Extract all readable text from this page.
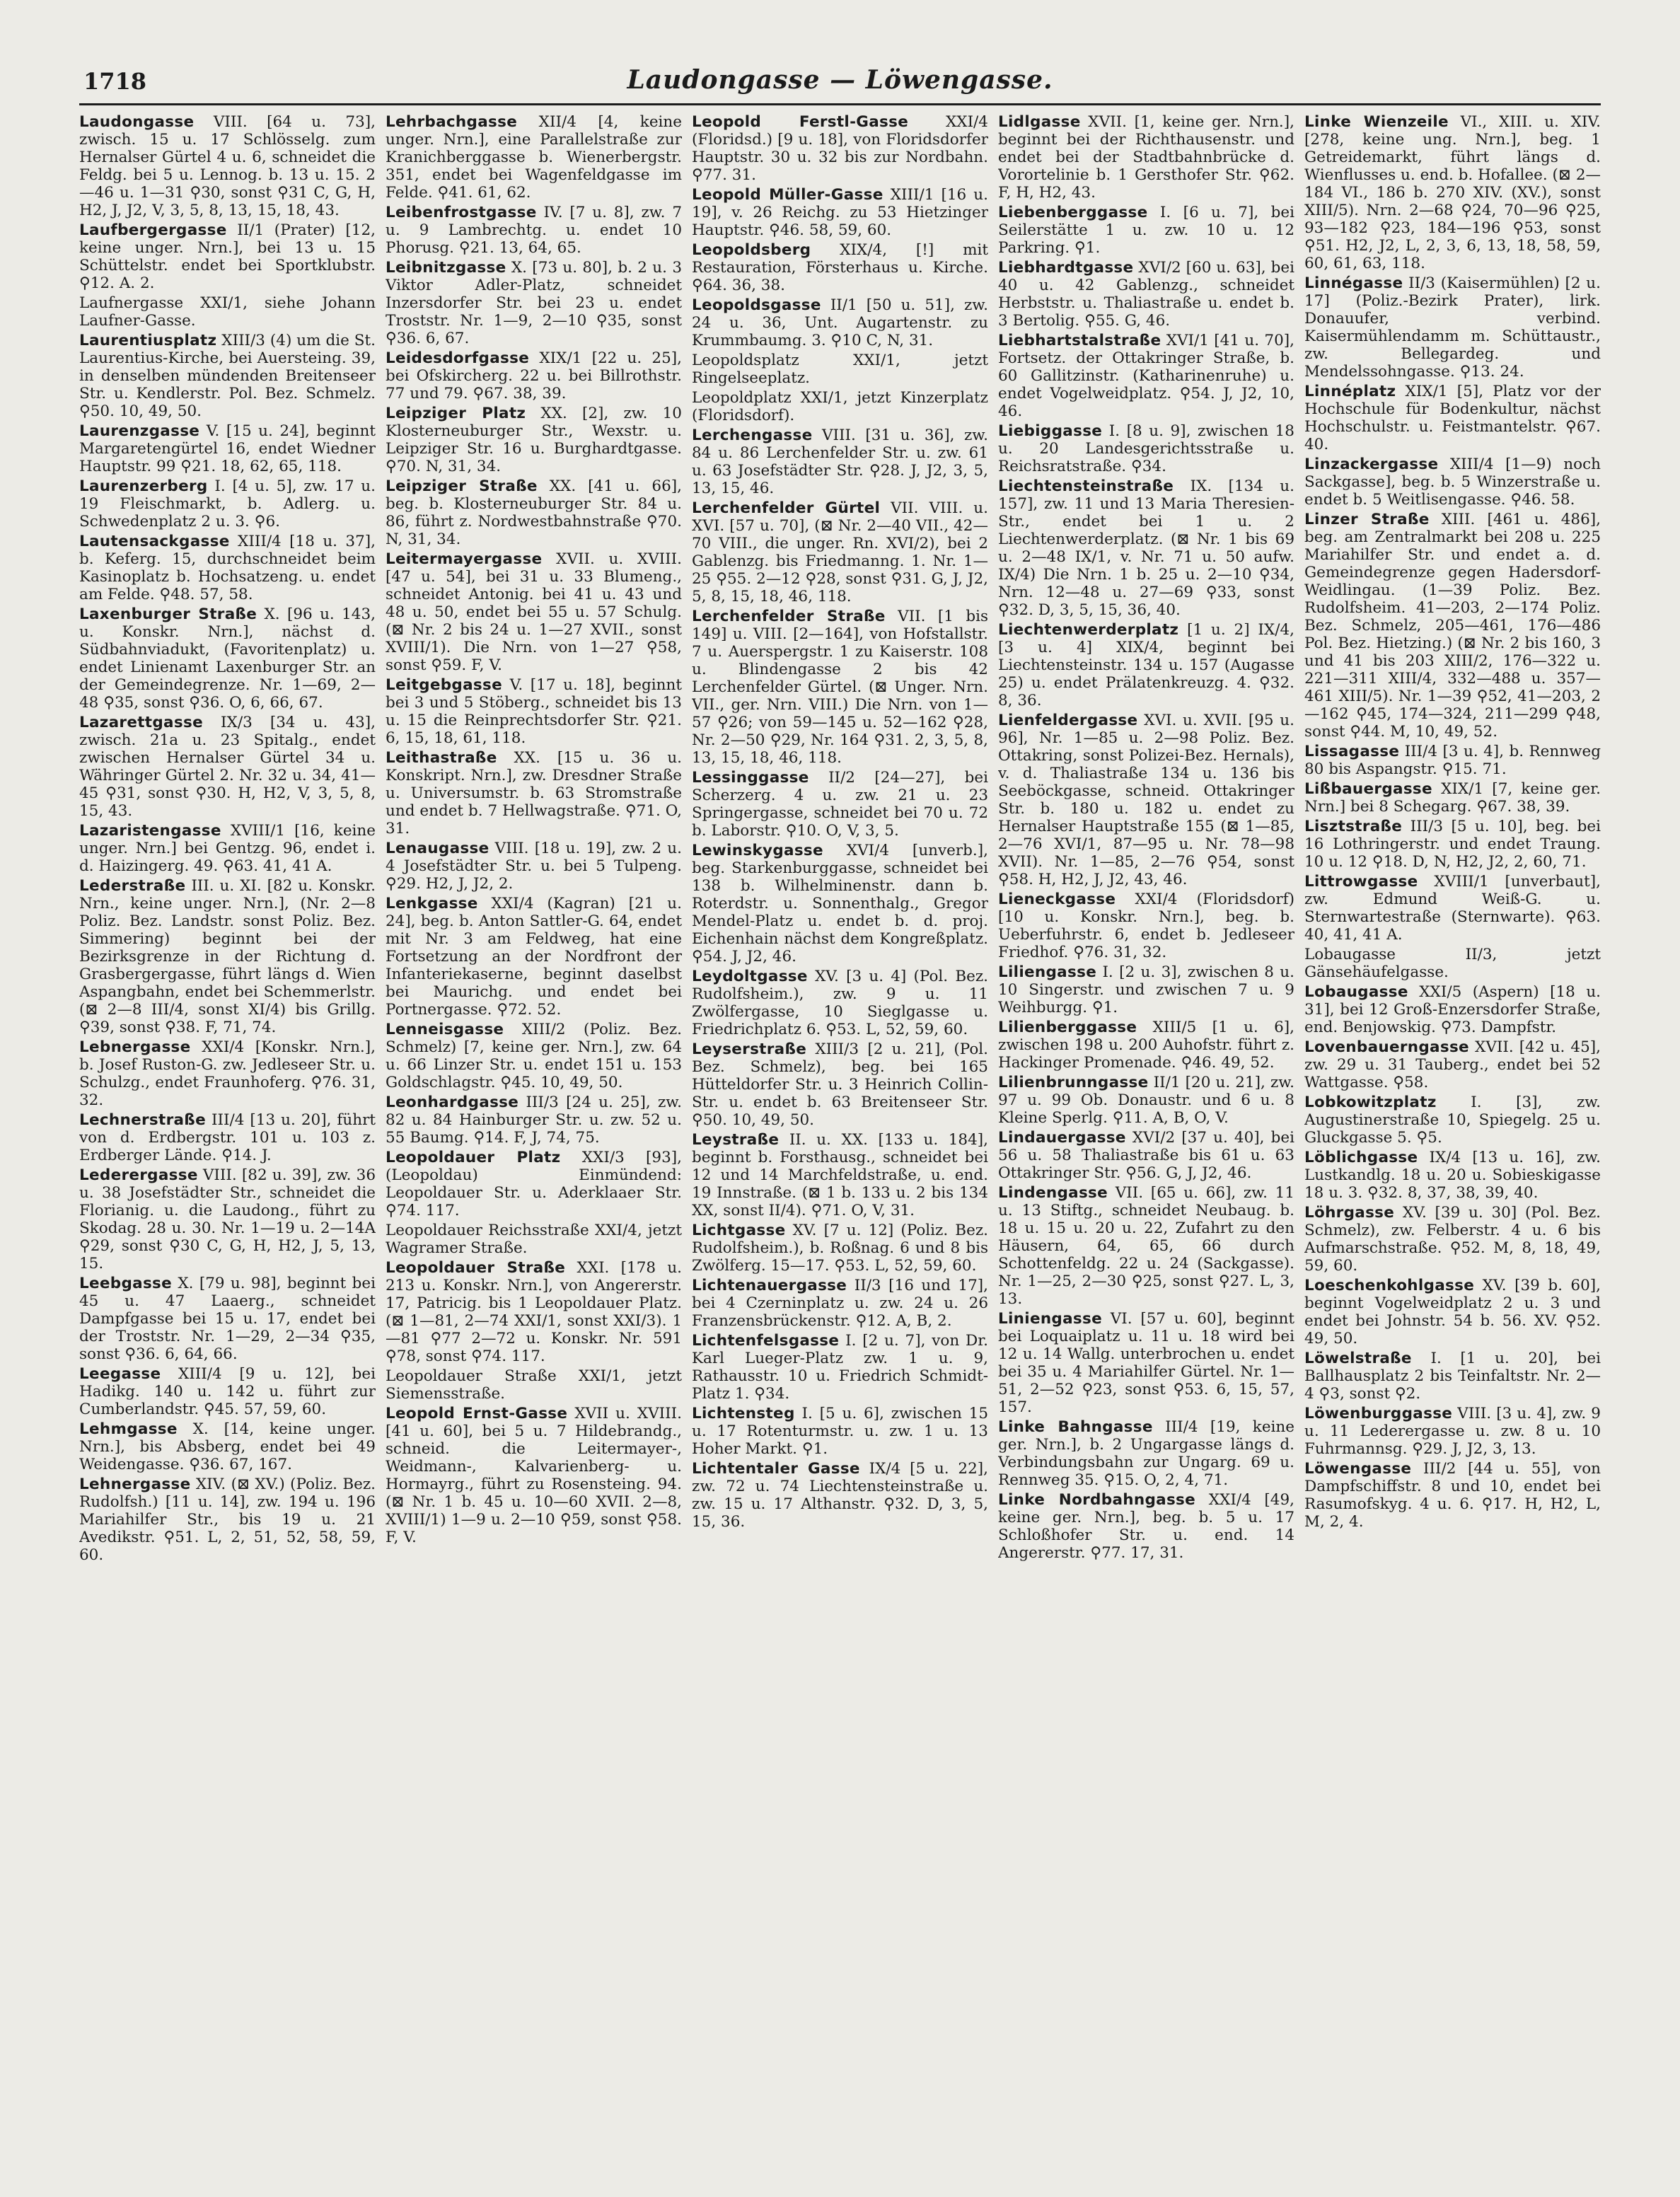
1718	Laudongasse — Löwengasse.
Laudongasse VIII. [64 u. 73], zwisch. 15 u. 17 Schlösselg. zum Hernalser Gürtel 4 u. 6, schneidet die Feldg. bei 5 u. Lennog. b. 13 u. 15. 2—46 u. 1—31 ⚲30, sonst ⚲31 C, G, H, H2, J, J2, V, 3, 5, 8, 13, 15, 18, 43.
Laufbergergasse II/1 (Prater) [12, keine unger. Nrn.], bei 13 u. 15 Schüttelstr. endet bei Sportklubstr. ⚲12. A. 2.
Laufnergasse XXI/1, siehe Johann Laufner-Gasse.
Laurentiusplatz XIII/3 (4) um die St. Laurentius-Kirche, bei Auersteing. 39, in denselben mündenden Breitenseer Str. u. Kendlerstr. Pol. Bez. Schmelz. ⚲50. 10, 49, 50.
Laurenzgasse V. [15 u. 24], beginnt Margaretengürtel 16, endet Wiedner Hauptstr. 99 ⚲21. 18, 62, 65, 118.
Laurenzerberg I. [4 u. 5], zw. 17 u. 19 Fleischmarkt, b. Adlerg. u. Schwedenplatz 2 u. 3. ⚲6.
Lautensackgasse XIII/4 [18 u. 37], b. Keferg. 15, durchschneidet beim Kasinoplatz b. Hochsatzeng. u. endet am Felde. ⚲48. 57, 58.
Laxenburger Straße X. [96 u. 143, u. Konskr. Nrn.], nächst d. Südbahnviadukt, (Favoritenplatz) u. endet Linienamt Laxenburger Str. an der Gemeindegrenze. Nr. 1—69, 2—48 ⚲35, sonst ⚲36. O, 6, 66, 67.
Lazarettgasse IX/3 [34 u. 43], zwisch. 21a u. 23 Spitalg., endet zwischen Hernalser Gürtel 34 u. Währinger Gürtel 2. Nr. 32 u. 34, 41—45 ⚲31, sonst ⚲30. H, H2, V, 3, 5, 8, 15, 43.
Lazaristengasse XVIII/1 [16, keine unger. Nrn.] bei Gentzg. 96, endet i. d. Haizingerg. 49. ⚲63. 41, 41 A.
Lederstraße III. u. XI. [82 u. Konskr. Nrn., keine unger. Nrn.], (Nr. 2—8 Poliz. Bez. Landstr. sonst Poliz. Bez. Simmering) beginnt bei der Bezirksgrenze in der Richtung d. Grasbergergasse, führt längs d. Wien Aspangbahn, endet bei Schemmerlstr. (⊠ 2—8 III/4, sonst XI/4) bis Grillg. ⚲39, sonst ⚲38. F, 71, 74.
Lebnergasse XXI/4 [Konskr. Nrn.], b. Josef Ruston-G. zw. Jedleseer Str. u. Schulzg., endet Fraunhoferg. ⚲76. 31, 32.
Lechnerstraße III/4 [13 u. 20], führt von d. Erdbergstr. 101 u. 103 z. Erdberger Lände. ⚲14. J.
Lederergasse VIII. [82 u. 39], zw. 36 u. 38 Josefstädter Str., schneidet die Florianig. u. die Laudong., führt zu Skodag. 28 u. 30. Nr. 1—19 u. 2—14A ⚲29, sonst ⚲30 C, G, H, H2, J, 5, 13, 15.
Leebgasse X. [79 u. 98], beginnt bei 45 u. 47 Laaerg., schneidet Dampfgasse bei 15 u. 17, endet bei der Troststr. Nr. 1—29, 2—34 ⚲35, sonst ⚲36. 6, 64, 66.
Leegasse XIII/4 [9 u. 12], bei Hadikg. 140 u. 142 u. führt zur Cumberlandstr. ⚲45. 57, 59, 60.
Lehmgasse X. [14, keine unger. Nrn.], bis Absberg, endet bei 49 Weidengasse. ⚲36. 67, 167.
Lehnergasse XIV. (⊠ XV.) (Poliz. Bez. Rudolfsh.) [11 u. 14], zw. 194 u. 196 Mariahilfer Str., bis 19 u. 21 Avedikstr. ⚲51. L, 2, 51, 52, 58, 59, 60.
Lehrbachgasse XII/4 [4, keine unger. Nrn.], eine Parallelstraße zur Kranichberggasse b. Wienerbergstr. 351, endet bei Wagenfeldgasse im Felde. ⚲41. 61, 62.
Leibenfrostgasse IV. [7 u. 8], zw. 7 u. 9 Lambrechtg. u. endet 10 Phorusg. ⚲21. 13, 64, 65.
Leibnitzgasse X. [73 u. 80], b. 2 u. 3 Viktor Adler-Platz, schneidet Inzersdorfer Str. bei 23 u. endet Troststr. Nr. 1—9, 2—10 ⚲35, sonst ⚲36. 6, 67.
Leidesdorfgasse XIX/1 [22 u. 25], bei Ofskircherg. 22 u. bei Billrothstr. 77 und 79. ⚲67. 38, 39.
Leipziger Platz XX. [2], zw. 10 Klosterneuburger Str., Wexstr. u. Leipziger Str. 16 u. Burghardtgasse. ⚲70. N, 31, 34.
Leipziger Straße XX. [41 u. 66], beg. b. Klosterneuburger Str. 84 u. 86, führt z. Nordwestbahnstraße ⚲70. N, 31, 34.
Leitermayergasse XVII. u. XVIII. [47 u. 54], bei 31 u. 33 Blumeng., schneidet Antonig. bei 41 u. 43 und 48 u. 50, endet bei 55 u. 57 Schulg. (⊠ Nr. 2 bis 24 u. 1—27 XVII., sonst XVIII/1). Die Nrn. von 1—27 ⚲58, sonst ⚲59. F, V.
Leitgebgasse V. [17 u. 18], beginnt bei 3 und 5 Stöberg., schneidet bis 13 u. 15 die Reinprechtsdorfer Str. ⚲21. 6, 15, 18, 61, 118.
Leithastraße XX. [15 u. 36 u. Konskript. Nrn.], zw. Dresdner Straße u. Universumstr. b. 63 Stromstraße und endet b. 7 Hellwagstraße. ⚲71. O, 31.
Lenaugasse VIII. [18 u. 19], zw. 2 u. 4 Josefstädter Str. u. bei 5 Tulpeng. ⚲29. H2, J, J2, 2.
Lenkgasse XXI/4 (Kagran) [21 u. 24], beg. b. Anton Sattler-G. 64, endet mit Nr. 3 am Feldweg, hat eine Fortsetzung an der Nordfront der Infanteriekaserne, beginnt daselbst bei Maurichg. und endet bei Portnergasse. ⚲72. 52.
Lenneisgasse XIII/2 (Poliz. Bez. Schmelz) [7, keine ger. Nrn.], zw. 64 u. 66 Linzer Str. u. endet 151 u. 153 Goldschlagstr. ⚲45. 10, 49, 50.
Leonhardgasse III/3 [24 u. 25], zw. 82 u. 84 Hainburger Str. u. zw. 52 u. 55 Baumg. ⚲14. F, J, 74, 75.
Leopoldauer Platz XXI/3 [93], (Leopoldau) Einmündend: Leopoldauer Str. u. Aderklaaer Str. ⚲74. 117.
Leopoldauer Reichsstraße XXI/4, jetzt Wagramer Straße.
Leopoldauer Straße XXI. [178 u. 213 u. Konskr. Nrn.], von Angererstr. 17, Patricig. bis 1 Leopoldauer Platz. (⊠ 1—81, 2—74 XXI/1, sonst XXI/3). 1—81 ⚲77 2—72 u. Konskr. Nr. 591 ⚲78, sonst ⚲74. 117.
Leopoldauer Straße XXI/1, jetzt Siemensstraße.
Leopold Ernst-Gasse XVII u. XVIII. [41 u. 60], bei 5 u. 7 Hildebrandg., schneid. die Leitermayer-, Weidmann-, Kalvarienberg- u. Hormayrg., führt zu Rosensteing. 94. (⊠ Nr. 1 b. 45 u. 10—60 XVII. 2—8, XVIII/1) 1—9 u. 2—10 ⚲59, sonst ⚲58. F, V.
Leopold Ferstl-Gasse XXI/4 (Floridsd.) [9 u. 18], von Floridsdorfer Hauptstr. 30 u. 32 bis zur Nordbahn. ⚲77. 31.
Leopold Müller-Gasse XIII/1 [16 u. 19], v. 26 Reichg. zu 53 Hietzinger Hauptstr. ⚲46. 58, 59, 60.
Leopoldsberg XIX/4, [!] mit Restauration, Försterhaus u. Kirche. ⚲64. 36, 38.
Leopoldsgasse II/1 [50 u. 51], zw. 24 u. 36, Unt. Augartenstr. zu Krummbaumg. 3. ⚲10 C, N, 31.
Leopoldsplatz XXI/1, jetzt Ringelseeplatz.
Leopoldplatz XXI/1, jetzt Kinzerplatz (Floridsdorf).
Lerchengasse VIII. [31 u. 36], zw. 84 u. 86 Lerchenfelder Str. u. zw. 61 u. 63 Josefstädter Str. ⚲28. J, J2, 3, 5, 13, 15, 46.
Lerchenfelder Gürtel VII. VIII. u. XVI. [57 u. 70], (⊠ Nr. 2—40 VII., 42—70 VIII., die unger. Rn. XVI/2), bei 2 Gablenzg. bis Friedmanng. 1. Nr. 1—25 ⚲55. 2—12 ⚲28, sonst ⚲31. G, J, J2, 5, 8, 15, 18, 46, 118.
Lerchenfelder Straße VII. [1 bis 149] u. VIII. [2—164], von Hofstallstr. 7 u. Auerspergstr. 1 zu Kaiserstr. 108 u. Blindengasse 2 bis 42 Lerchenfelder Gürtel. (⊠ Unger. Nrn. VII., ger. Nrn. VIII.) Die Nrn. von 1—57 ⚲26; von 59—145 u. 52—162 ⚲28, Nr. 2—50 ⚲29, Nr. 164 ⚲31. 2, 3, 5, 8, 13, 15, 18, 46, 118.
Lessinggasse II/2 [24—27], bei Scherzerg. 4 u. zw. 21 u. 23 Springergasse, schneidet bei 70 u. 72 b. Laborstr. ⚲10. O, V, 3, 5.
Lewinskygasse XVI/4 [unverb.], beg. Starkenburggasse, schneidet bei 138 b. Wilhelminenstr. dann b. Roterdstr. u. Sonnenthalg., Gregor Mendel-Platz u. endet b. d. proj. Eichenhain nächst dem Kongreßplatz. ⚲54. J, J2, 46.
Leydoltgasse XV. [3 u. 4] (Pol. Bez. Rudolfsheim.), zw. 9 u. 11 Zwölfergasse, 10 Sieglgasse u. Friedrichplatz 6. ⚲53. L, 52, 59, 60.
Leyserstraße XIII/3 [2 u. 21], (Pol. Bez. Schmelz), beg. bei 165 Hütteldorfer Str. u. 3 Heinrich Collin-Str. u. endet b. 63 Breitenseer Str. ⚲50. 10, 49, 50.
Leystraße II. u. XX. [133 u. 184], beginnt b. Forsthausg., schneidet bei 12 und 14 Marchfeldstraße, u. end. 19 Innstraße. (⊠ 1 b. 133 u. 2 bis 134 XX, sonst II/4). ⚲71. O, V, 31.
Lichtgasse XV. [7 u. 12] (Poliz. Bez. Rudolfsheim.), b. Roßnag. 6 und 8 bis Zwölferg. 15—17. ⚲53. L, 52, 59, 60.
Lichtenauergasse II/3 [16 und 17], bei 4 Czerninplatz u. zw. 24 u. 26 Franzensbrückenstr. ⚲12. A, B, 2.
Lichtenfelsgasse I. [2 u. 7], von Dr. Karl Lueger-Platz zw. 1 u. 9, Rathausstr. 10 u. Friedrich Schmidt-Platz 1. ⚲34.
Lichtensteg I. [5 u. 6], zwischen 15 u. 17 Rotenturmstr. u. zw. 1 u. 13 Hoher Markt. ⚲1.
Lichtentaler Gasse IX/4 [5 u. 22], zw. 72 u. 74 Liechtensteinstraße u. zw. 15 u. 17 Althanstr. ⚲32. D, 3, 5, 15, 36.
Lidlgasse XVII. [1, keine ger. Nrn.], beginnt bei der Richthausenstr. und endet bei der Stadtbahnbrücke d. Vorortelinie b. 1 Gersthofer Str. ⚲62. F, H, H2, 43.
Liebenberggasse I. [6 u. 7], bei Seilerstätte 1 u. zw. 10 u. 12 Parkring. ⚲1.
Liebhardtgasse XVI/2 [60 u. 63], bei 40 u. 42 Gablenzg., schneidet Herbststr. u. Thaliastraße u. endet b. 3 Bertolig. ⚲55. G, 46.
Liebhartstalstraße XVI/1 [41 u. 70], Fortsetz. der Ottakringer Straße, b. 60 Gallitzinstr. (Katharinenruhe) u. endet Vogelweidplatz. ⚲54. J, J2, 10, 46.
Liebiggasse I. [8 u. 9], zwischen 18 u. 20 Landesgerichtsstraße u. Reichsratstraße. ⚲34.
Liechtensteinstraße IX. [134 u. 157], zw. 11 und 13 Maria Theresien-Str., endet bei 1 u. 2 Liechtenwerderplatz. (⊠ Nr. 1 bis 69 u. 2—48 IX/1, v. Nr. 71 u. 50 aufw. IX/4) Die Nrn. 1 b. 25 u. 2—10 ⚲34, Nrn. 12—48 u. 27—69 ⚲33, sonst ⚲32. D, 3, 5, 15, 36, 40.
Liechtenwerderplatz [1 u. 2] IX/4, [3 u. 4] XIX/4, beginnt bei Liechtensteinstr. 134 u. 157 (Augasse 25) u. endet Prälatenkreuzg. 4. ⚲32. 8, 36.
Lienfeldergasse XVI. u. XVII. [95 u. 96], Nr. 1—85 u. 2—98 Poliz. Bez. Ottakring, sonst Polizei-Bez. Hernals), v. d. Thaliastraße 134 u. 136 bis Seeböckgasse, schneid. Ottakringer Str. b. 180 u. 182 u. endet zu Hernalser Hauptstraße 155 (⊠ 1—85, 2—76 XVI/1, 87—95 u. Nr. 78—98 XVII). Nr. 1—85, 2—76 ⚲54, sonst ⚲58. H, H2, J, J2, 43, 46.
Lieneckgasse XXI/4 (Floridsdorf) [10 u. Konskr. Nrn.], beg. b. Ueberfuhrstr. 6, endet b. Jedleseer Friedhof. ⚲76. 31, 32.
Liliengasse I. [2 u. 3], zwischen 8 u. 10 Singerstr. und zwischen 7 u. 9 Weihburgg. ⚲1.
Lilienberggasse XIII/5 [1 u. 6], zwischen 198 u. 200 Auhofstr. führt z. Hackinger Promenade. ⚲46. 49, 52.
Lilienbrunngasse II/1 [20 u. 21], zw. 97 u. 99 Ob. Donaustr. und 6 u. 8 Kleine Sperlg. ⚲11. A, B, O, V.
Lindauergasse XVI/2 [37 u. 40], bei 56 u. 58 Thaliastraße bis 61 u. 63 Ottakringer Str. ⚲56. G, J, J2, 46.
Lindengasse VII. [65 u. 66], zw. 11 u. 13 Stiftg., schneidet Neubaug. b. 18 u. 15 u. 20 u. 22, Zufahrt zu den Häusern, 64, 65, 66 durch Schottenfeldg. 22 u. 24 (Sackgasse). Nr. 1—25, 2—30 ⚲25, sonst ⚲27. L, 3, 13.
Liniengasse VI. [57 u. 60], beginnt bei Loquaiplatz u. 11 u. 18 wird bei 12 u. 14 Wallg. unterbrochen u. endet bei 35 u. 4 Mariahilfer Gürtel. Nr. 1—51, 2—52 ⚲23, sonst ⚲53. 6, 15, 57, 157.
Linke Bahngasse III/4 [19, keine ger. Nrn.], b. 2 Ungargasse längs d. Verbindungsbahn zur Ungarg. 69 u. Rennweg 35. ⚲15. O, 2, 4, 71.
Linke Nordbahngasse XXI/4 [49, keine ger. Nrn.], beg. b. 5 u. 17 Schloßhofer Str. u. end. 14 Angererstr. ⚲77. 17, 31.
Linke Wienzeile VI., XIII. u. XIV. [278, keine ung. Nrn.], beg. 1 Getreidemarkt, führt längs d. Wienflusses u. end. b. Hofallee. (⊠ 2—184 VI., 186 b. 270 XIV. (XV.), sonst XIII/5). Nrn. 2—68 ⚲24, 70—96 ⚲25, 93—182 ⚲23, 184—196 ⚲53, sonst ⚲51. H2, J2, L, 2, 3, 6, 13, 18, 58, 59, 60, 61, 63, 118.
Linnégasse II/3 (Kaisermühlen) [2 u. 17] (Poliz.-Bezirk Prater), lirk. Donauufer, verbind. Kaisermühlendamm m. Schüttaustr., zw. Bellegardeg. und Mendelssohngasse. ⚲13. 24.
Linnéplatz XIX/1 [5], Platz vor der Hochschule für Bodenkultur, nächst Hochschulstr. u. Feistmantelstr. ⚲67. 40.
Linzackergasse XIII/4 [1—9) noch Sackgasse], beg. b. 5 Winzerstraße u. endet b. 5 Weitlisengasse. ⚲46. 58.
Linzer Straße XIII. [461 u. 486], beg. am Zentralmarkt bei 208 u. 225 Mariahilfer Str. und endet a. d. Gemeindegrenze gegen Hadersdorf-Weidlingau. (1—39 Poliz. Bez. Rudolfsheim. 41—203, 2—174 Poliz. Bez. Schmelz, 205—461, 176—486 Pol. Bez. Hietzing.) (⊠ Nr. 2 bis 160, 3 und 41 bis 203 XIII/2, 176—322 u. 221—311 XIII/4, 332—488 u. 357—461 XIII/5). Nr. 1—39 ⚲52, 41—203, 2—162 ⚲45, 174—324, 211—299 ⚲48, sonst ⚲44. M, 10, 49, 52.
Lissagasse III/4 [3 u. 4], b. Rennweg 80 bis Aspangstr. ⚲15. 71.
Lißbauergasse XIX/1 [7, keine ger. Nrn.] bei 8 Schegarg. ⚲67. 38, 39.
Lisztstraße III/3 [5 u. 10], beg. bei 16 Lothringerstr. und endet Traung. 10 u. 12 ⚲18. D, N, H2, J2, 2, 60, 71.
Littrowgasse XVIII/1 [unverbaut], zw. Edmund Weiß-G. u. Sternwartestraße (Sternwarte). ⚲63. 40, 41, 41 A.
Lobaugasse II/3, jetzt Gänsehäufelgasse.
Lobaugasse XXI/5 (Aspern) [18 u. 31], bei 12 Groß-Enzersdorfer Straße, end. Benjowskig. ⚲73. Dampfstr.
Lovenbauerngasse XVII. [42 u. 45], zw. 29 u. 31 Tauberg., endet bei 52 Wattgasse. ⚲58.
Lobkowitzplatz I. [3], zw. Augustinerstraße 10, Spiegelg. 25 u. Gluckgasse 5. ⚲5.
Löblichgasse IX/4 [13 u. 16], zw. Lustkandlg. 18 u. 20 u. Sobieskigasse 18 u. 3. ⚲32. 8, 37, 38, 39, 40.
Löhrgasse XV. [39 u. 30] (Pol. Bez. Schmelz), zw. Felberstr. 4 u. 6 bis Aufmarschstraße. ⚲52. M, 8, 18, 49, 59, 60.
Loeschenkohlgasse XV. [39 b. 60], beginnt Vogelweidplatz 2 u. 3 und endet bei Johnstr. 54 b. 56. XV. ⚲52. 49, 50.
Löwelstraße I. [1 u. 20], bei Ballhausplatz 2 bis Teinfaltstr. Nr. 2—4 ⚲3, sonst ⚲2.
Löwenburggasse VIII. [3 u. 4], zw. 9 u. 11 Lederergasse u. zw. 8 u. 10 Fuhrmannsg. ⚲29. J, J2, 3, 13.
Löwengasse III/2 [44 u. 55], von Dampfschiffstr. 8 und 10, endet bei Rasumofskyg. 4 u. 6. ⚲17. H, H2, L, M, 2, 4.
